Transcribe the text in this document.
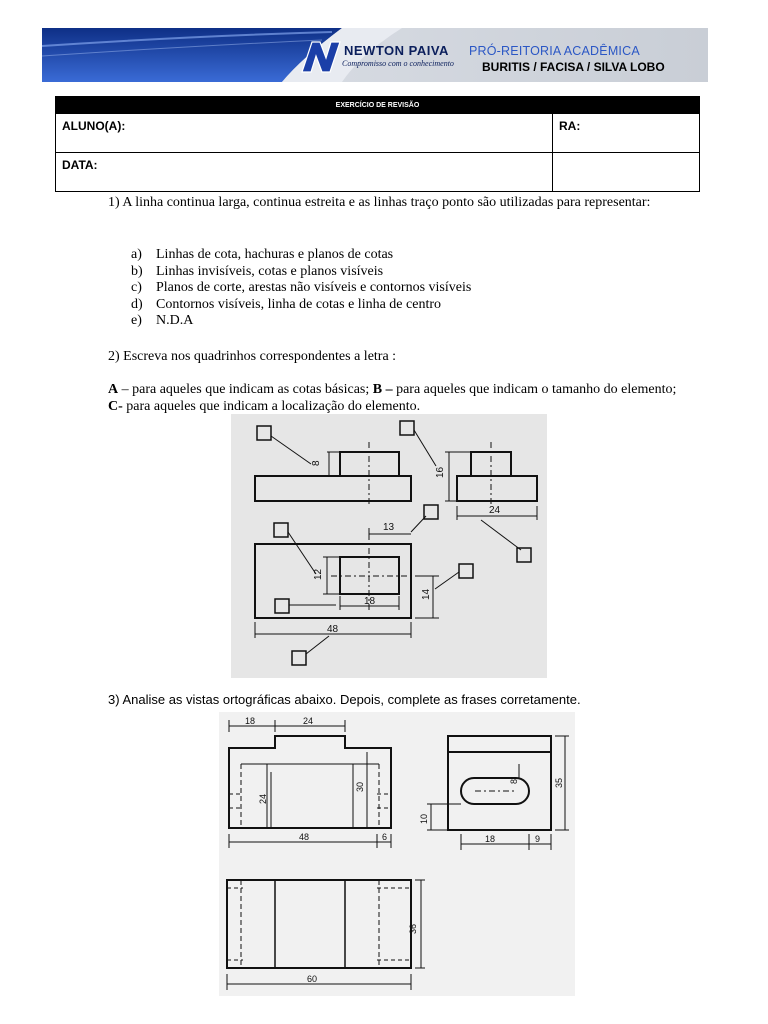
NEWTON PAIVA
Compromisso com o conhecimento
PRÓ-REITORIA ACADÊMICA
BURITIS / FACISA / SILVA LOBO
EXERCÍCIO DE REVISÃO	
ALUNO(A):	RA:
DATA:	
1) A linha continua larga, continua estreita e as linhas traço ponto são utilizadas para representar:
a)	Linhas de cota, hachuras e planos de cotas
b) Linhas invisíveis, cotas e planos visíveis
c)	Planos de corte, arestas não visíveis e contornos visíveis
d) Contornos visíveis, linha de cotas e linha de centro
e)	N.D.A
2) Escreva nos quadrinhos correspondentes a letra :
A – para aqueles que indicam as cotas básicas; B – para aqueles que indicam o tamanho do elemento; C- para aqueles que indicam a localização do elemento.
8
16
24
13
12
18
14
48
3) Analise as vistas ortográficas abaixo. Depois, complete as frases corretamente.
18	24
24
30
48	6
8	35
10
18	9
36
60
